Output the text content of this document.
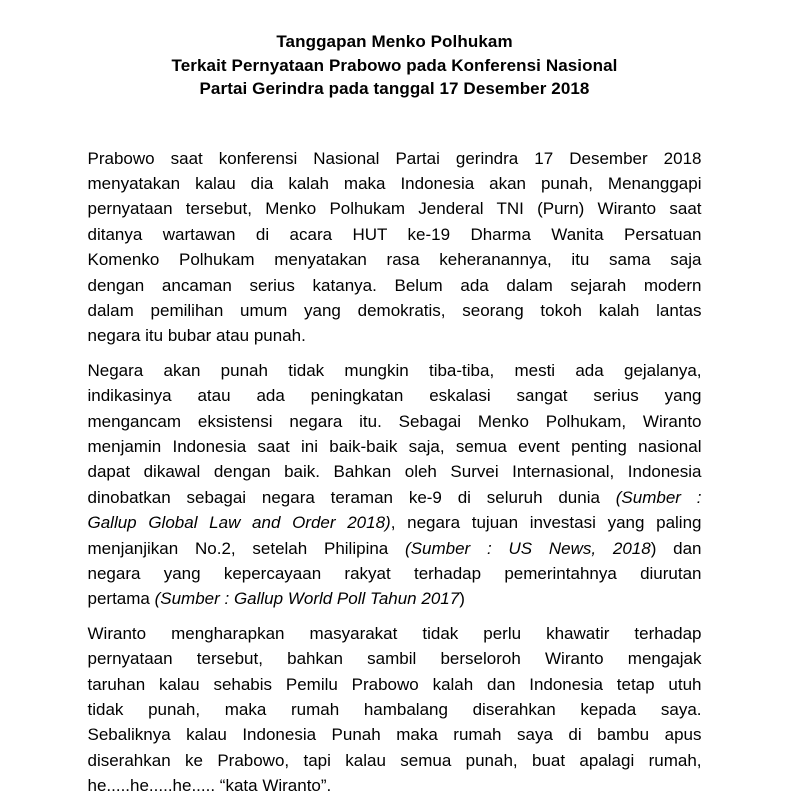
Tanggapan Menko Polhukam
Terkait Pernyataan Prabowo pada Konferensi Nasional
Partai Gerindra pada tanggal 17 Desember 2018
Prabowo saat konferensi Nasional Partai gerindra 17 Desember 2018
menyatakan kalau dia kalah maka Indonesia akan punah, Menanggapi
pernyataan tersebut, Menko Polhukam Jenderal TNI (Purn) Wiranto saat
ditanya wartawan di acara HUT ke-19 Dharma Wanita Persatuan
Komenko Polhukam menyatakan rasa keheranannya, itu sama saja
dengan ancaman serius katanya. Belum ada dalam sejarah modern
dalam pemilihan umum yang demokratis, seorang tokoh kalah lantas
negara itu bubar atau punah.
Negara akan punah tidak mungkin tiba-tiba, mesti ada gejalanya,
indikasinya atau ada peningkatan eskalasi sangat serius yang
mengancam eksistensi negara itu. Sebagai Menko Polhukam, Wiranto
menjamin Indonesia saat ini baik-baik saja, semua event penting nasional
dapat dikawal dengan baik. Bahkan oleh Survei Internasional, Indonesia
dinobatkan sebagai negara teraman ke-9 di seluruh dunia (Sumber :
Gallup Global Law and Order 2018), negara tujuan investasi yang paling
menjanjikan No.2, setelah Philipina (Sumber : US News, 2018) dan
negara yang kepercayaan rakyat terhadap pemerintahnya diurutan
pertama (Sumber : Gallup World Poll Tahun 2017)
Wiranto mengharapkan masyarakat tidak perlu khawatir terhadap
pernyataan tersebut, bahkan sambil berseloroh Wiranto mengajak
taruhan kalau sehabis Pemilu Prabowo kalah dan Indonesia tetap utuh
tidak punah, maka rumah hambalang diserahkan kepada saya.
Sebaliknya kalau Indonesia Punah maka rumah saya di bambu apus
diserahkan ke Prabowo, tapi kalau semua punah, buat apalagi rumah,
he.....he.....he..... “kata Wiranto”.
